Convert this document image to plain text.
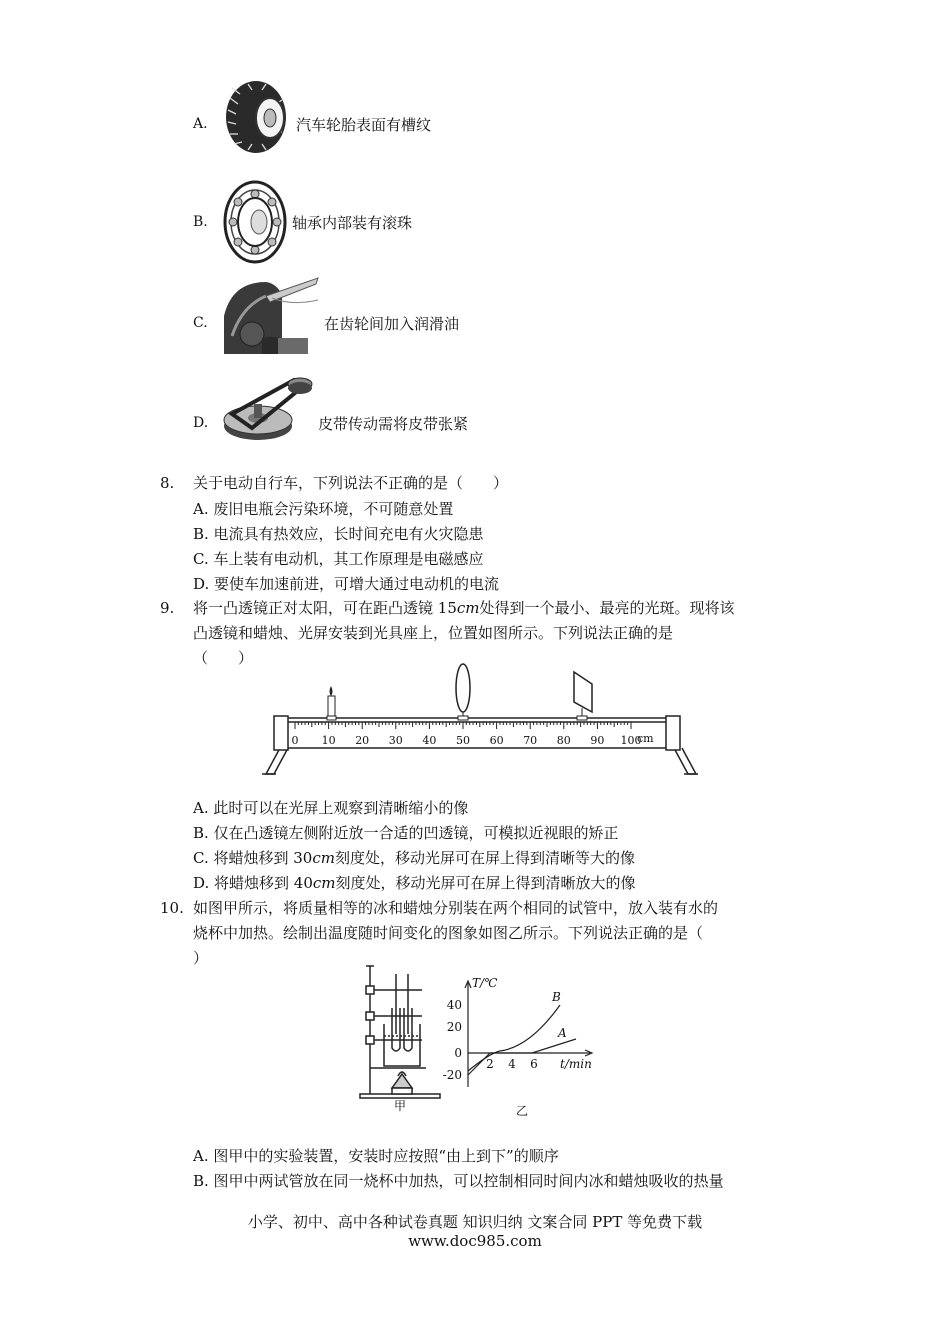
A.	汽车轮胎表面有槽纹
B.	轴承内部装有滚珠
C.	在齿轮间加入润滑油
D.	皮带传动需将皮带张紧
8. 关于电动自行车，下列说法不正确的是（　　）
A. 废旧电瓶会污染环境，不可随意处置
B. 电流具有热效应，长时间充电有火灾隐患
C. 车上装有电动机，其工作原理是电磁感应
D. 要使车加速前进，可增大通过电动机的电流
9. 将一凸透镜正对太阳，可在距凸透镜 15cm处得到一个最小、最亮的光斑。现将该
凸透镜和蜡烛、光屏安装到光具座上，位置如图所示。下列说法正确的是
（　　）
0 10 20 30 40 50 60 70 80 90 100
cm
A. 此时可以在光屏上观察到清晰缩小的像
B. 仅在凸透镜左侧附近放一合适的凹透镜，可模拟近视眼的矫正
C. 将蜡烛移到 30cm刻度处，移动光屏可在屏上得到清晰等大的像
D. 将蜡烛移到 40cm刻度处，移动光屏可在屏上得到清晰放大的像
10. 如图甲所示，将质量相等的冰和蜡烛分别装在两个相同的试管中，放入装有水的
烧杯中加热。绘制出温度随时间变化的图象如图乙所示。下列说法正确的是（
）
甲
40
20
0
-20
2 4 6
T/℃
t/min
B
A
乙
A. 图甲中的实验装置，安装时应按照“由上到下”的顺序
B. 图甲中两试管放在同一烧杯中加热，可以控制相同时间内冰和蜡烛吸收的热量
小学、初中、高中各种试卷真题 知识归纳 文案合同 PPT 等免费下载
www.doc985.com
